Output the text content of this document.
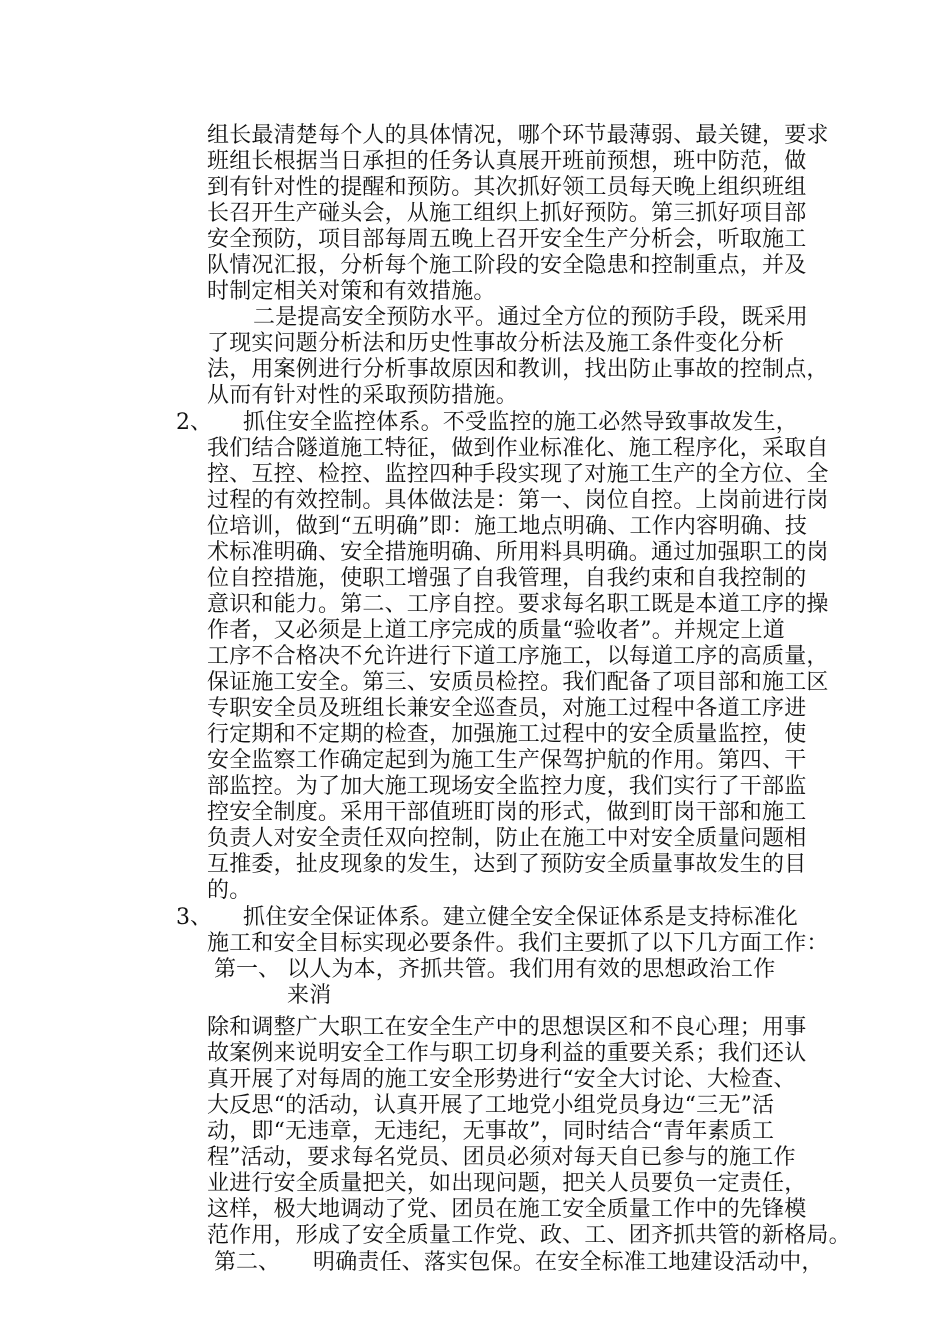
组长最清楚每个人的具体情况，哪个环节最薄弱、最关键，要求
班组长根据当日承担的任务认真展开班前预想，班中防范，做
到有针对性的提醒和预防。其次抓好领工员每天晚上组织班组
长召开生产碰头会，从施工组织上抓好预防。第三抓好项目部
安全预防，项目部每周五晚上召开安全生产分析会，听取施工
队情况汇报，分析每个施工阶段的安全隐患和控制重点，并及
时制定相关对策和有效措施。
二是提高安全预防水平。通过全方位的预防手段，既采用
了现实问题分析法和历史性事故分析法及施工条件变化分析
法，用案例进行分析事故原因和教训，找出防止事故的控制点，
从而有针对性的采取预防措施。
2、 抓住安全监控体系。不受监控的施工必然导致事故发生，
我们结合隧道施工特征，做到作业标准化、施工程序化，采取自
控、互控、检控、监控四种手段实现了对施工生产的全方位、全
过程的有效控制。具体做法是：第一、岗位自控。上岗前进行岗
位培训，做到“五明确”即：施工地点明确、工作内容明确、技
术标准明确、安全措施明确、所用料具明确。通过加强职工的岗
位自控措施，使职工增强了自我管理，自我约束和自我控制的
意识和能力。第二、工序自控。要求每名职工既是本道工序的操
作者，又必须是上道工序完成的质量“验收者”。并规定上道
工序不合格决不允许进行下道工序施工，以每道工序的高质量，
保证施工安全。第三、安质员检控。我们配备了项目部和施工区
专职安全员及班组长兼安全巡查员，对施工过程中各道工序进
行定期和不定期的检查，加强施工过程中的安全质量监控，使
安全监察工作确定起到为施工生产保驾护航的作用。第四、干
部监控。为了加大施工现场安全监控力度，我们实行了干部监
控安全制度。采用干部值班盯岗的形式，做到盯岗干部和施工
负责人对安全责任双向控制，防止在施工中对安全质量问题相
互推委，扯皮现象的发生，达到了预防安全质量事故发生的目
的。
3、 抓住安全保证体系。建立健全安全保证体系是支持标准化
施工和安全目标实现必要条件。我们主要抓了以下几方面工作：
第一、 以人为本，齐抓共管。我们用有效的思想政治工作
来消
除和调整广大职工在安全生产中的思想误区和不良心理；用事
故案例来说明安全工作与职工切身利益的重要关系；我们还认
真开展了对每周的施工安全形势进行“安全大讨论、大检查、
大反思“的活动，认真开展了工地党小组党员身边“三无”活
动，即“无违章，无违纪，无事故”，同时结合“青年素质工
程”活动，要求每名党员、团员必须对每天自已参与的施工作
业进行安全质量把关，如出现问题，把关人员要负一定责任，
这样，极大地调动了党、团员在施工安全质量工作中的先锋模
范作用，形成了安全质量工作党、政、工、团齐抓共管的新格局。
第二、 明确责任、落实包保。在安全标准工地建设活动中，
